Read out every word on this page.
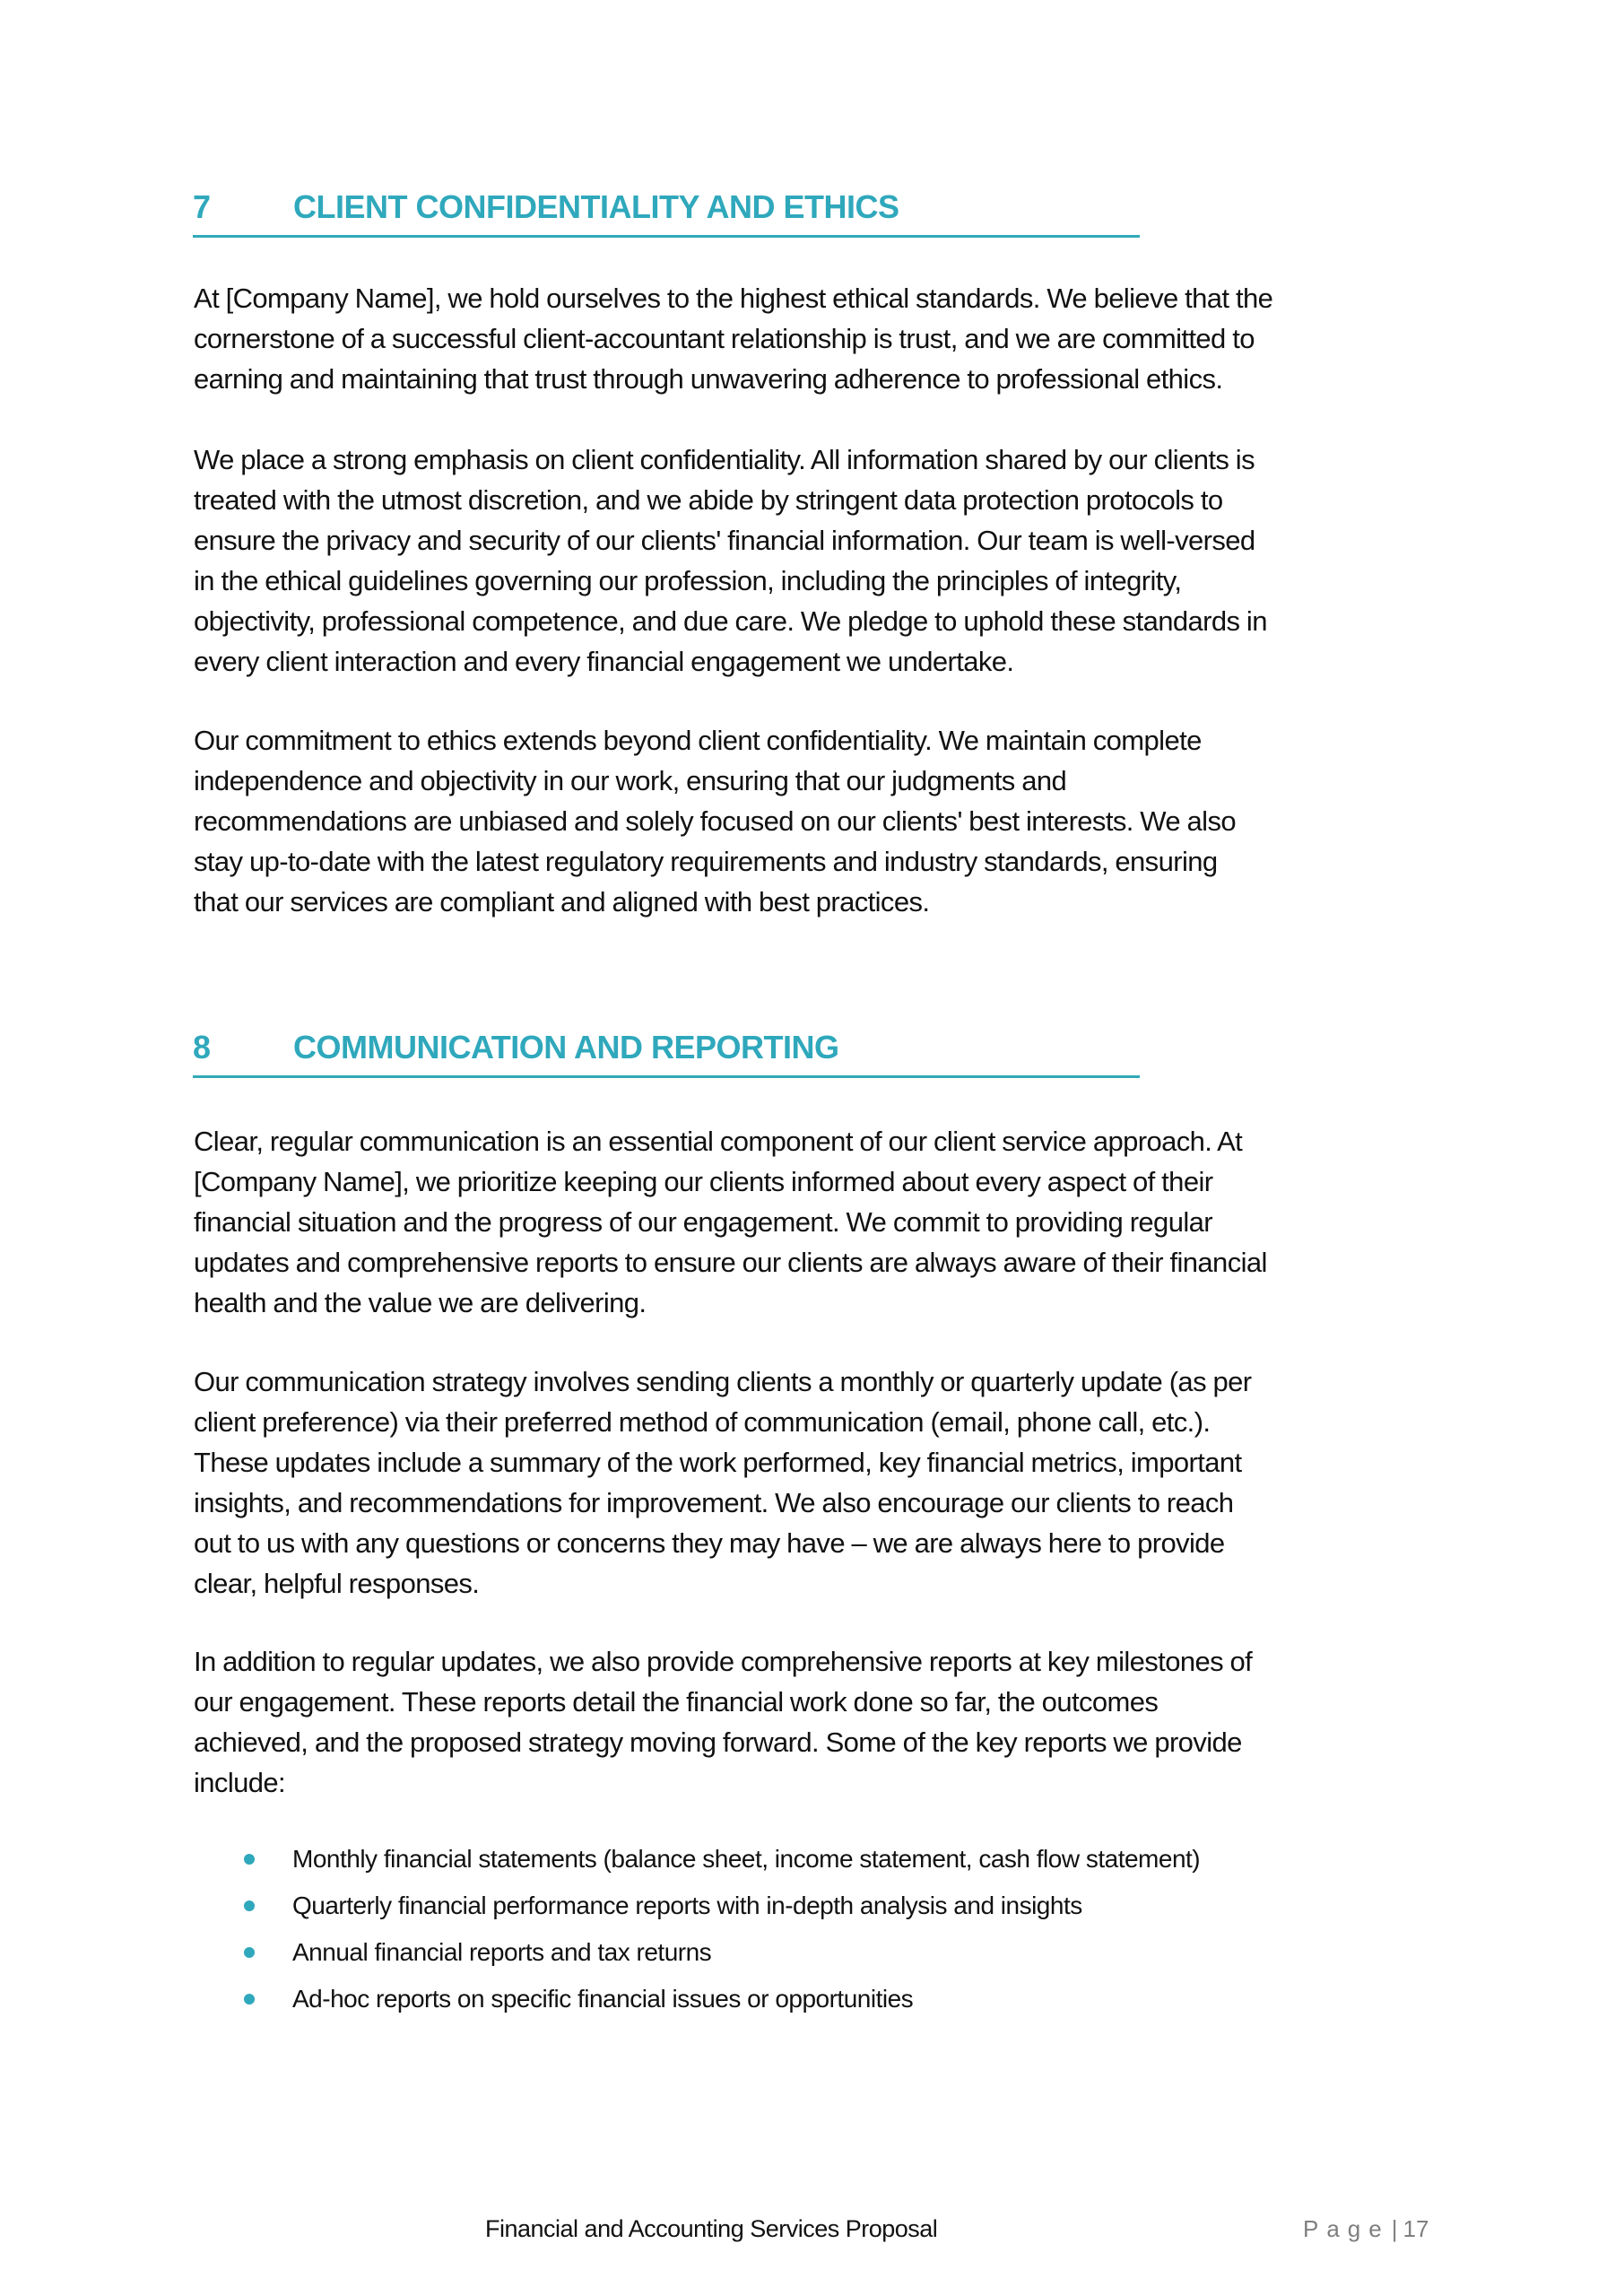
7	CLIENT CONFIDENTIALITY AND ETHICS

At [Company Name], we hold ourselves to the highest ethical standards. We believe that the
cornerstone of a successful client-accountant relationship is trust, and we are committed to
earning and maintaining that trust through unwavering adherence to professional ethics.

We place a strong emphasis on client confidentiality. All information shared by our clients is
treated with the utmost discretion, and we abide by stringent data protection protocols to
ensure the privacy and security of our clients' financial information. Our team is well-versed
in the ethical guidelines governing our profession, including the principles of integrity,
objectivity, professional competence, and due care. We pledge to uphold these standards in
every client interaction and every financial engagement we undertake.

Our commitment to ethics extends beyond client confidentiality. We maintain complete
independence and objectivity in our work, ensuring that our judgments and
recommendations are unbiased and solely focused on our clients' best interests. We also
stay up-to-date with the latest regulatory requirements and industry standards, ensuring
that our services are compliant and aligned with best practices.

8	COMMUNICATION AND REPORTING

Clear, regular communication is an essential component of our client service approach. At
[Company Name], we prioritize keeping our clients informed about every aspect of their
financial situation and the progress of our engagement. We commit to providing regular
updates and comprehensive reports to ensure our clients are always aware of their financial
health and the value we are delivering.

Our communication strategy involves sending clients a monthly or quarterly update (as per
client preference) via their preferred method of communication (email, phone call, etc.).
These updates include a summary of the work performed, key financial metrics, important
insights, and recommendations for improvement. We also encourage our clients to reach
out to us with any questions or concerns they may have – we are always here to provide
clear, helpful responses.

In addition to regular updates, we also provide comprehensive reports at key milestones of
our engagement. These reports detail the financial work done so far, the outcomes
achieved, and the proposed strategy moving forward. Some of the key reports we provide
include:

Monthly financial statements (balance sheet, income statement, cash flow statement)
Quarterly financial performance reports with in-depth analysis and insights
Annual financial reports and tax returns
Ad-hoc reports on specific financial issues or opportunities
Financial and Accounting Services Proposal	Page| 17
